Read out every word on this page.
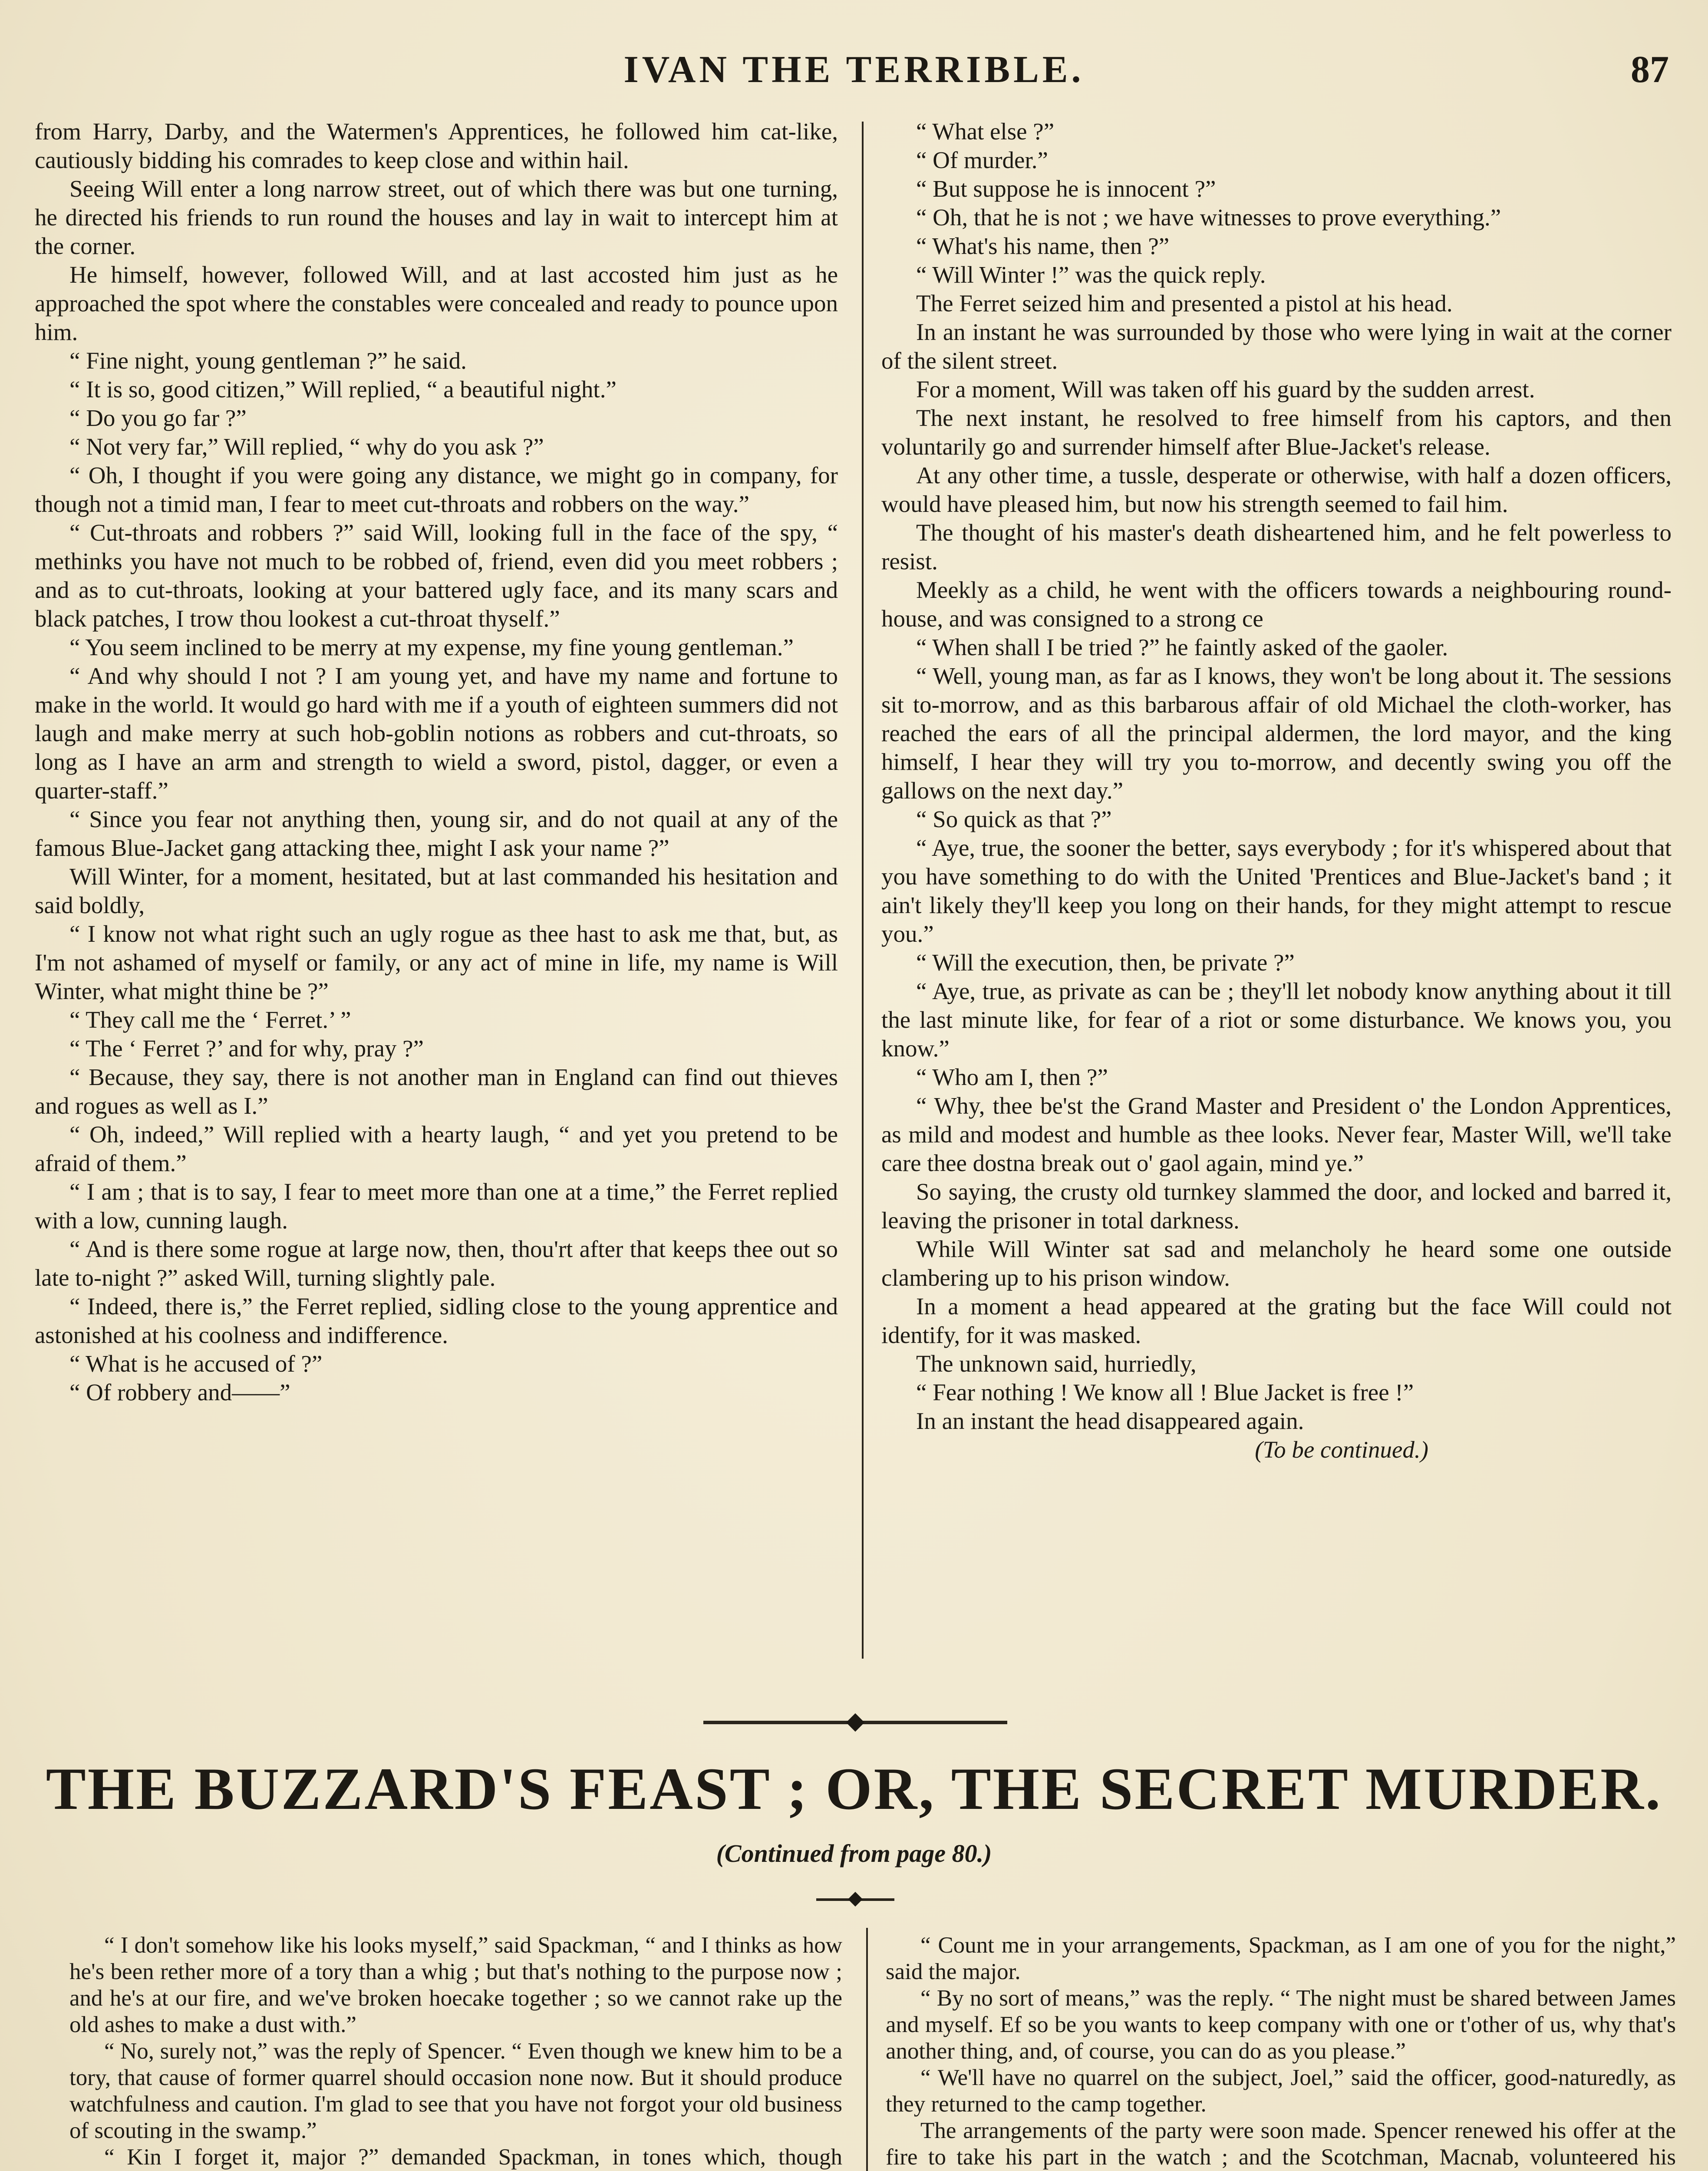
IVAN THE TERRIBLE.	87

from Harry, Darby, and the Watermen's Apprentices, he followed him cat-like, cautiously bidding his comrades to keep close and within hail.

Seeing Will enter a long narrow street, out of which there was but one turning, he directed his friends to run round the houses and lay in wait to intercept him at the corner.

He himself, however, followed Will, and at last accosted him just as he approached the spot where the constables were concealed and ready to pounce upon him.

“ Fine night, young gentleman ?” he said.

“ It is so, good citizen,” Will replied, “ a beautiful night.”

“ Do you go far ?”

“ Not very far,” Will replied, “ why do you ask ?”

“ Oh, I thought if you were going any distance, we might go in company, for though not a timid man, I fear to meet cut-throats and robbers on the way.”

“ Cut-throats and robbers ?” said Will, looking full in the face of the spy, “ methinks you have not much to be robbed of, friend, even did you meet robbers ; and as to cut-throats, looking at your battered ugly face, and its many scars and black patches, I trow thou lookest a cut-throat thyself.”

“ You seem inclined to be merry at my expense, my fine young gentleman.”

“ And why should I not ? I am young yet, and have my name and fortune to make in the world. It would go hard with me if a youth of eighteen summers did not laugh and make merry at such hob-goblin notions as robbers and cut-throats, so long as I have an arm and strength to wield a sword, pistol, dagger, or even a quarter-staff.”

“ Since you fear not anything then, young sir, and do not quail at any of the famous Blue-Jacket gang attacking thee, might I ask your name ?”

Will Winter, for a moment, hesitated, but at last commanded his hesitation and said boldly,

“ I know not what right such an ugly rogue as thee hast to ask me that, but, as I'm not ashamed of myself or family, or any act of mine in life, my name is Will Winter, what might thine be ?”

“ They call me the ‘ Ferret.’ ”

“ The ‘ Ferret ?’ and for why, pray ?”

“ Because, they say, there is not another man in England can find out thieves and rogues as well as I.”

“ Oh, indeed,” Will replied with a hearty laugh, “ and yet you pretend to be afraid of them.”

“ I am ; that is to say, I fear to meet more than one at a time,” the Ferret replied with a low, cunning laugh.

“ And is there some rogue at large now, then, thou'rt after that keeps thee out so late to-night ?” asked Will, turning slightly pale.

“ Indeed, there is,” the Ferret replied, sidling close to the young apprentice and astonished at his coolness and indifference.

“ What is he accused of ?”

“ Of robbery and——”

“ What else ?”

“ Of murder.”

“ But suppose he is innocent ?”

“ Oh, that he is not ; we have witnesses to prove everything.”

“ What's his name, then ?”

“ Will Winter !” was the quick reply.

The Ferret seized him and presented a pistol at his head.

In an instant he was surrounded by those who were lying in wait at the corner of the silent street.

For a moment, Will was taken off his guard by the sudden arrest.

The next instant, he resolved to free himself from his captors, and then voluntarily go and surrender himself after Blue-Jacket's release.

At any other time, a tussle, desperate or otherwise, with half a dozen officers, would have pleased him, but now his strength seemed to fail him.

The thought of his master's death disheartened him, and he felt powerless to resist.

Meekly as a child, he went with the officers towards a neighbouring round-house, and was consigned to a strong ce

“ When shall I be tried ?” he faintly asked of the gaoler.

“ Well, young man, as far as I knows, they won't be long about it. The sessions sit to-morrow, and as this barbarous affair of old Michael the cloth-worker, has reached the ears of all the principal aldermen, the lord mayor, and the king himself, I hear they will try you to-morrow, and decently swing you off the gallows on the next day.”

“ So quick as that ?”

“ Aye, true, the sooner the better, says everybody ; for it's whispered about that you have something to do with the United 'Prentices and Blue-Jacket's band ; it ain't likely they'll keep you long on their hands, for they might attempt to rescue you.”

“ Will the execution, then, be private ?”

“ Aye, true, as private as can be ; they'll let nobody know anything about it till the last minute like, for fear of a riot or some disturbance. We knows you, you know.”

“ Who am I, then ?”

“ Why, thee be'st the Grand Master and President o' the London Apprentices, as mild and modest and humble as thee looks. Never fear, Master Will, we'll take care thee dostna break out o' gaol again, mind ye.”

So saying, the crusty old turnkey slammed the door, and locked and barred it, leaving the prisoner in total darkness.

While Will Winter sat sad and melancholy he heard some one outside clambering up to his prison window.

In a moment a head appeared at the grating but the face Will could not identify, for it was masked.

The unknown said, hurriedly,

“ Fear nothing ! We know all ! Blue Jacket is free !”

In an instant the head disappeared again.

(To be continued.)

THE BUZZARD'S FEAST ; OR, THE SECRET MURDER.
(Continued from page 80.)

“ I don't somehow like his looks myself,” said Spackman, “ and I thinks as how he's been rether more of a tory than a whig ; but that's nothing to the purpose now ; and he's at our fire, and we've broken hoecake together ; so we cannot rake up the old ashes to make a dust with.”

“ No, surely not,” was the reply of Spencer. “ Even though we knew him to be a tory, that cause of former quarrel should occasion none now. But it should produce watchfulness and caution. I'm glad to see that you have not forgot your old business of scouting in the swamp.”

“ Kin I forget it, major ?” demanded Spackman, in tones which, though

“ Count me in your arrangements, Spackman, as I am one of you for the night,” said the major.

“ By no sort of means,” was the reply. “ The night must be shared between James and myself. Ef so be you wants to keep company with one or t'other of us, why that's another thing, and, of course, you can do as you please.”

“ We'll have no quarrel on the subject, Joel,” said the officer, good-naturedly, as they returned to the camp together.

The arrangements of the party were soon made. Spencer renewed his offer at the fire to take his part in the watch ; and the Scotchman, Macnab, volunteered his
